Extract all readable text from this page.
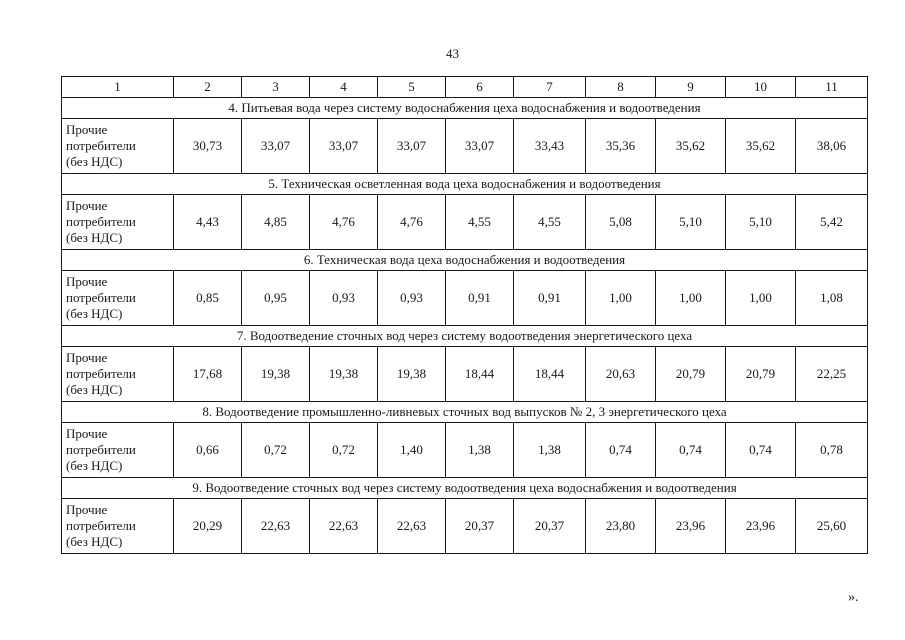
43
1	2	3	4	5	6	7	8	9	10	11
4. Питьевая вода через систему водоснабжения цеха водоснабжения и водоотведения										

Прочие
потребители
(без НДС)	30,73	33,07	33,07	33,07	33,07	33,43	35,36	35,62	35,62	38,06
5. Техническая осветленная вода цеха водоснабжения и водоотведения										

Прочие
потребители
(без НДС)	4,43	4,85	4,76	4,76	4,55	4,55	5,08	5,10	5,10	5,42
6. Техническая вода цеха водоснабжения и водоотведения										

Прочие
потребители
(без НДС)	0,85	0,95	0,93	0,93	0,91	0,91	1,00	1,00	1,00	1,08
7. Водоотведение сточных вод через систему водоотведения энергетического цеха										

Прочие
потребители
(без НДС)	17,68	19,38	19,38	19,38	18,44	18,44	20,63	20,79	20,79	22,25
8. Водоотведение промышленно-ливневых сточных вод выпусков № 2, 3 энергетического цеха										

Прочие
потребители
(без НДС)	0,66	0,72	0,72	1,40	1,38	1,38	0,74	0,74	0,74	0,78
9. Водоотведение сточных вод через систему водоотведения цеха водоснабжения и водоотведения										

Прочие
потребители
(без НДС)	20,29	22,63	22,63	22,63	20,37	20,37	23,80	23,96	23,96	25,60
».
